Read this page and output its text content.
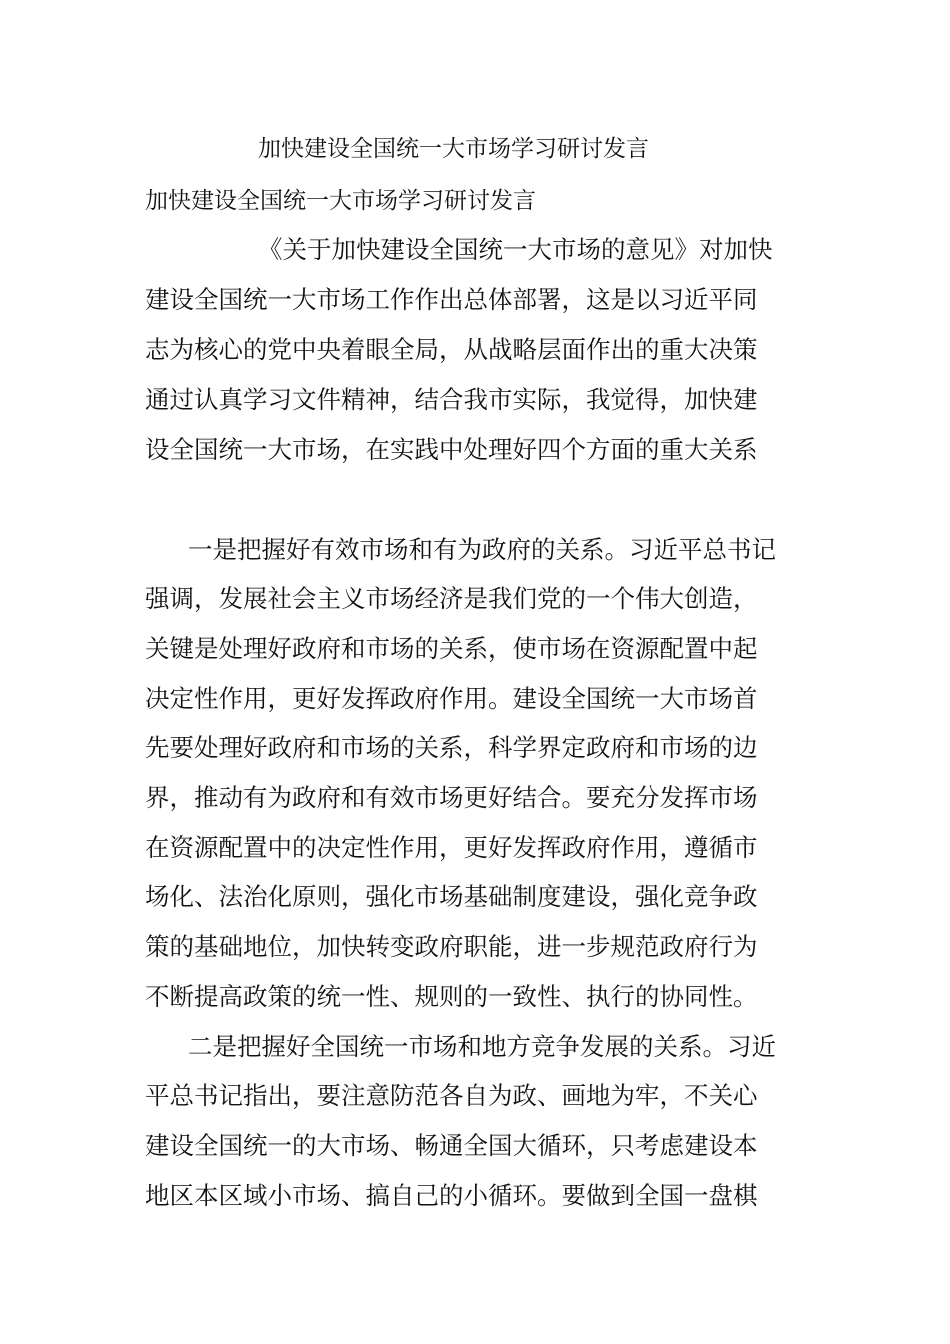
加快建设全国统一大市场学习研讨发言
加快建设全国统一大市场学习研讨发言
《关于加快建设全国统一大市场的意见》对加快
建设全国统一大市场工作作出总体部署，这是以习近平同
志为核心的党中央着眼全局，从战略层面作出的重大决策
通过认真学习文件精神，结合我市实际，我觉得，加快建
设全国统一大市场，在实践中处理好四个方面的重大关系
一是把握好有效市场和有为政府的关系。习近平总书记
强调，发展社会主义市场经济是我们党的一个伟大创造，
关键是处理好政府和市场的关系，使市场在资源配置中起
决定性作用，更好发挥政府作用。建设全国统一大市场首
先要处理好政府和市场的关系，科学界定政府和市场的边
界，推动有为政府和有效市场更好结合。要充分发挥市场
在资源配置中的决定性作用，更好发挥政府作用，遵循市
场化、法治化原则，强化市场基础制度建设，强化竞争政
策的基础地位，加快转变政府职能，进一步规范政府行为
不断提高政策的统一性、规则的一致性、执行的协同性。
二是把握好全国统一市场和地方竞争发展的关系。习近
平总书记指出，要注意防范各自为政、画地为牢，不关心
建设全国统一的大市场、畅通全国大循环，只考虑建设本
地区本区域小市场、搞自己的小循环。要做到全国一盘棋
